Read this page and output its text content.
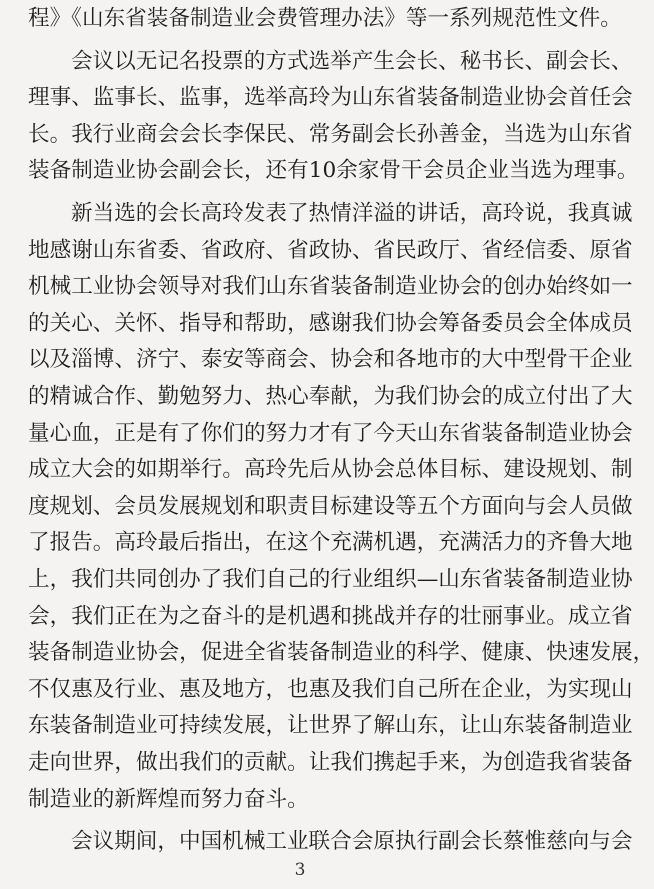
程》《山东省装备制造业会费管理办法》等一系列规范性文件。
会议以无记名投票的方式选举产生会长、秘书长、副会长、
理事、监事长、监事，选举高玲为山东省装备制造业协会首任会
长。我行业商会会长李保民、常务副会长孙善金，当选为山东省
装备制造业协会副会长，还有10余家骨干会员企业当选为理事。
新当选的会长高玲发表了热情洋溢的讲话，高玲说，我真诚
地感谢山东省委、省政府、省政协、省民政厅、省经信委、原省
机械工业协会领导对我们山东省装备制造业协会的创办始终如一
的关心、关怀、指导和帮助，感谢我们协会筹备委员会全体成员
以及淄博、济宁、泰安等商会、协会和各地市的大中型骨干企业
的精诚合作、勤勉努力、热心奉献，为我们协会的成立付出了大
量心血，正是有了你们的努力才有了今天山东省装备制造业协会
成立大会的如期举行。高玲先后从协会总体目标、建设规划、制
度规划、会员发展规划和职责目标建设等五个方面向与会人员做
了报告。高玲最后指出，在这个充满机遇，充满活力的齐鲁大地
上，我们共同创办了我们自己的行业组织—山东省装备制造业协
会，我们正在为之奋斗的是机遇和挑战并存的壮丽事业。成立省
装备制造业协会，促进全省装备制造业的科学、健康、快速发展，
不仅惠及行业、惠及地方，也惠及我们自己所在企业，为实现山
东装备制造业可持续发展，让世界了解山东，让山东装备制造业
走向世界，做出我们的贡献。让我们携起手来，为创造我省装备
制造业的新辉煌而努力奋斗。
会议期间，中国机械工业联合会原执行副会长蔡惟慈向与会
3
